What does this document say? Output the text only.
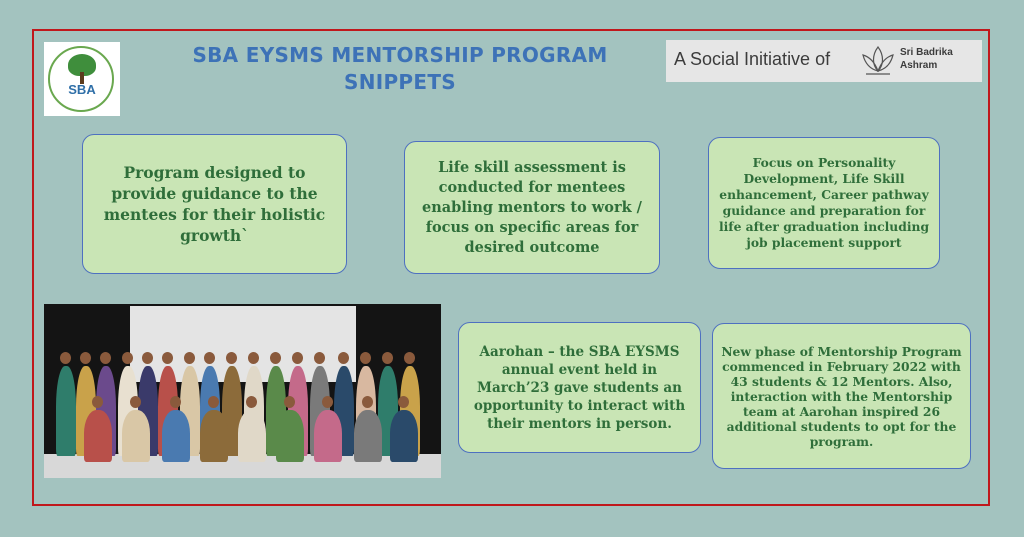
SBA
SBA EYSMS MENTORSHIP PROGRAM
SNIPPETS
A Social Initiative of	Sri Badrika
Ashram
Program designed to provide guidance to the mentees for their holistic growth`
Life skill assessment is conducted for mentees enabling mentors to work / focus on specific areas for desired outcome
Focus on Personality Development, Life Skill enhancement, Career pathway guidance and preparation for life after graduation including job placement support
Aarohan – the SBA EYSMS annual event held in March’23 gave students an opportunity to interact with their mentors in person.
New phase of Mentorship Program commenced in February 2022 with 43 students & 12 Mentors. Also, interaction with the Mentorship team at Aarohan inspired 26 additional students to opt for the program.
